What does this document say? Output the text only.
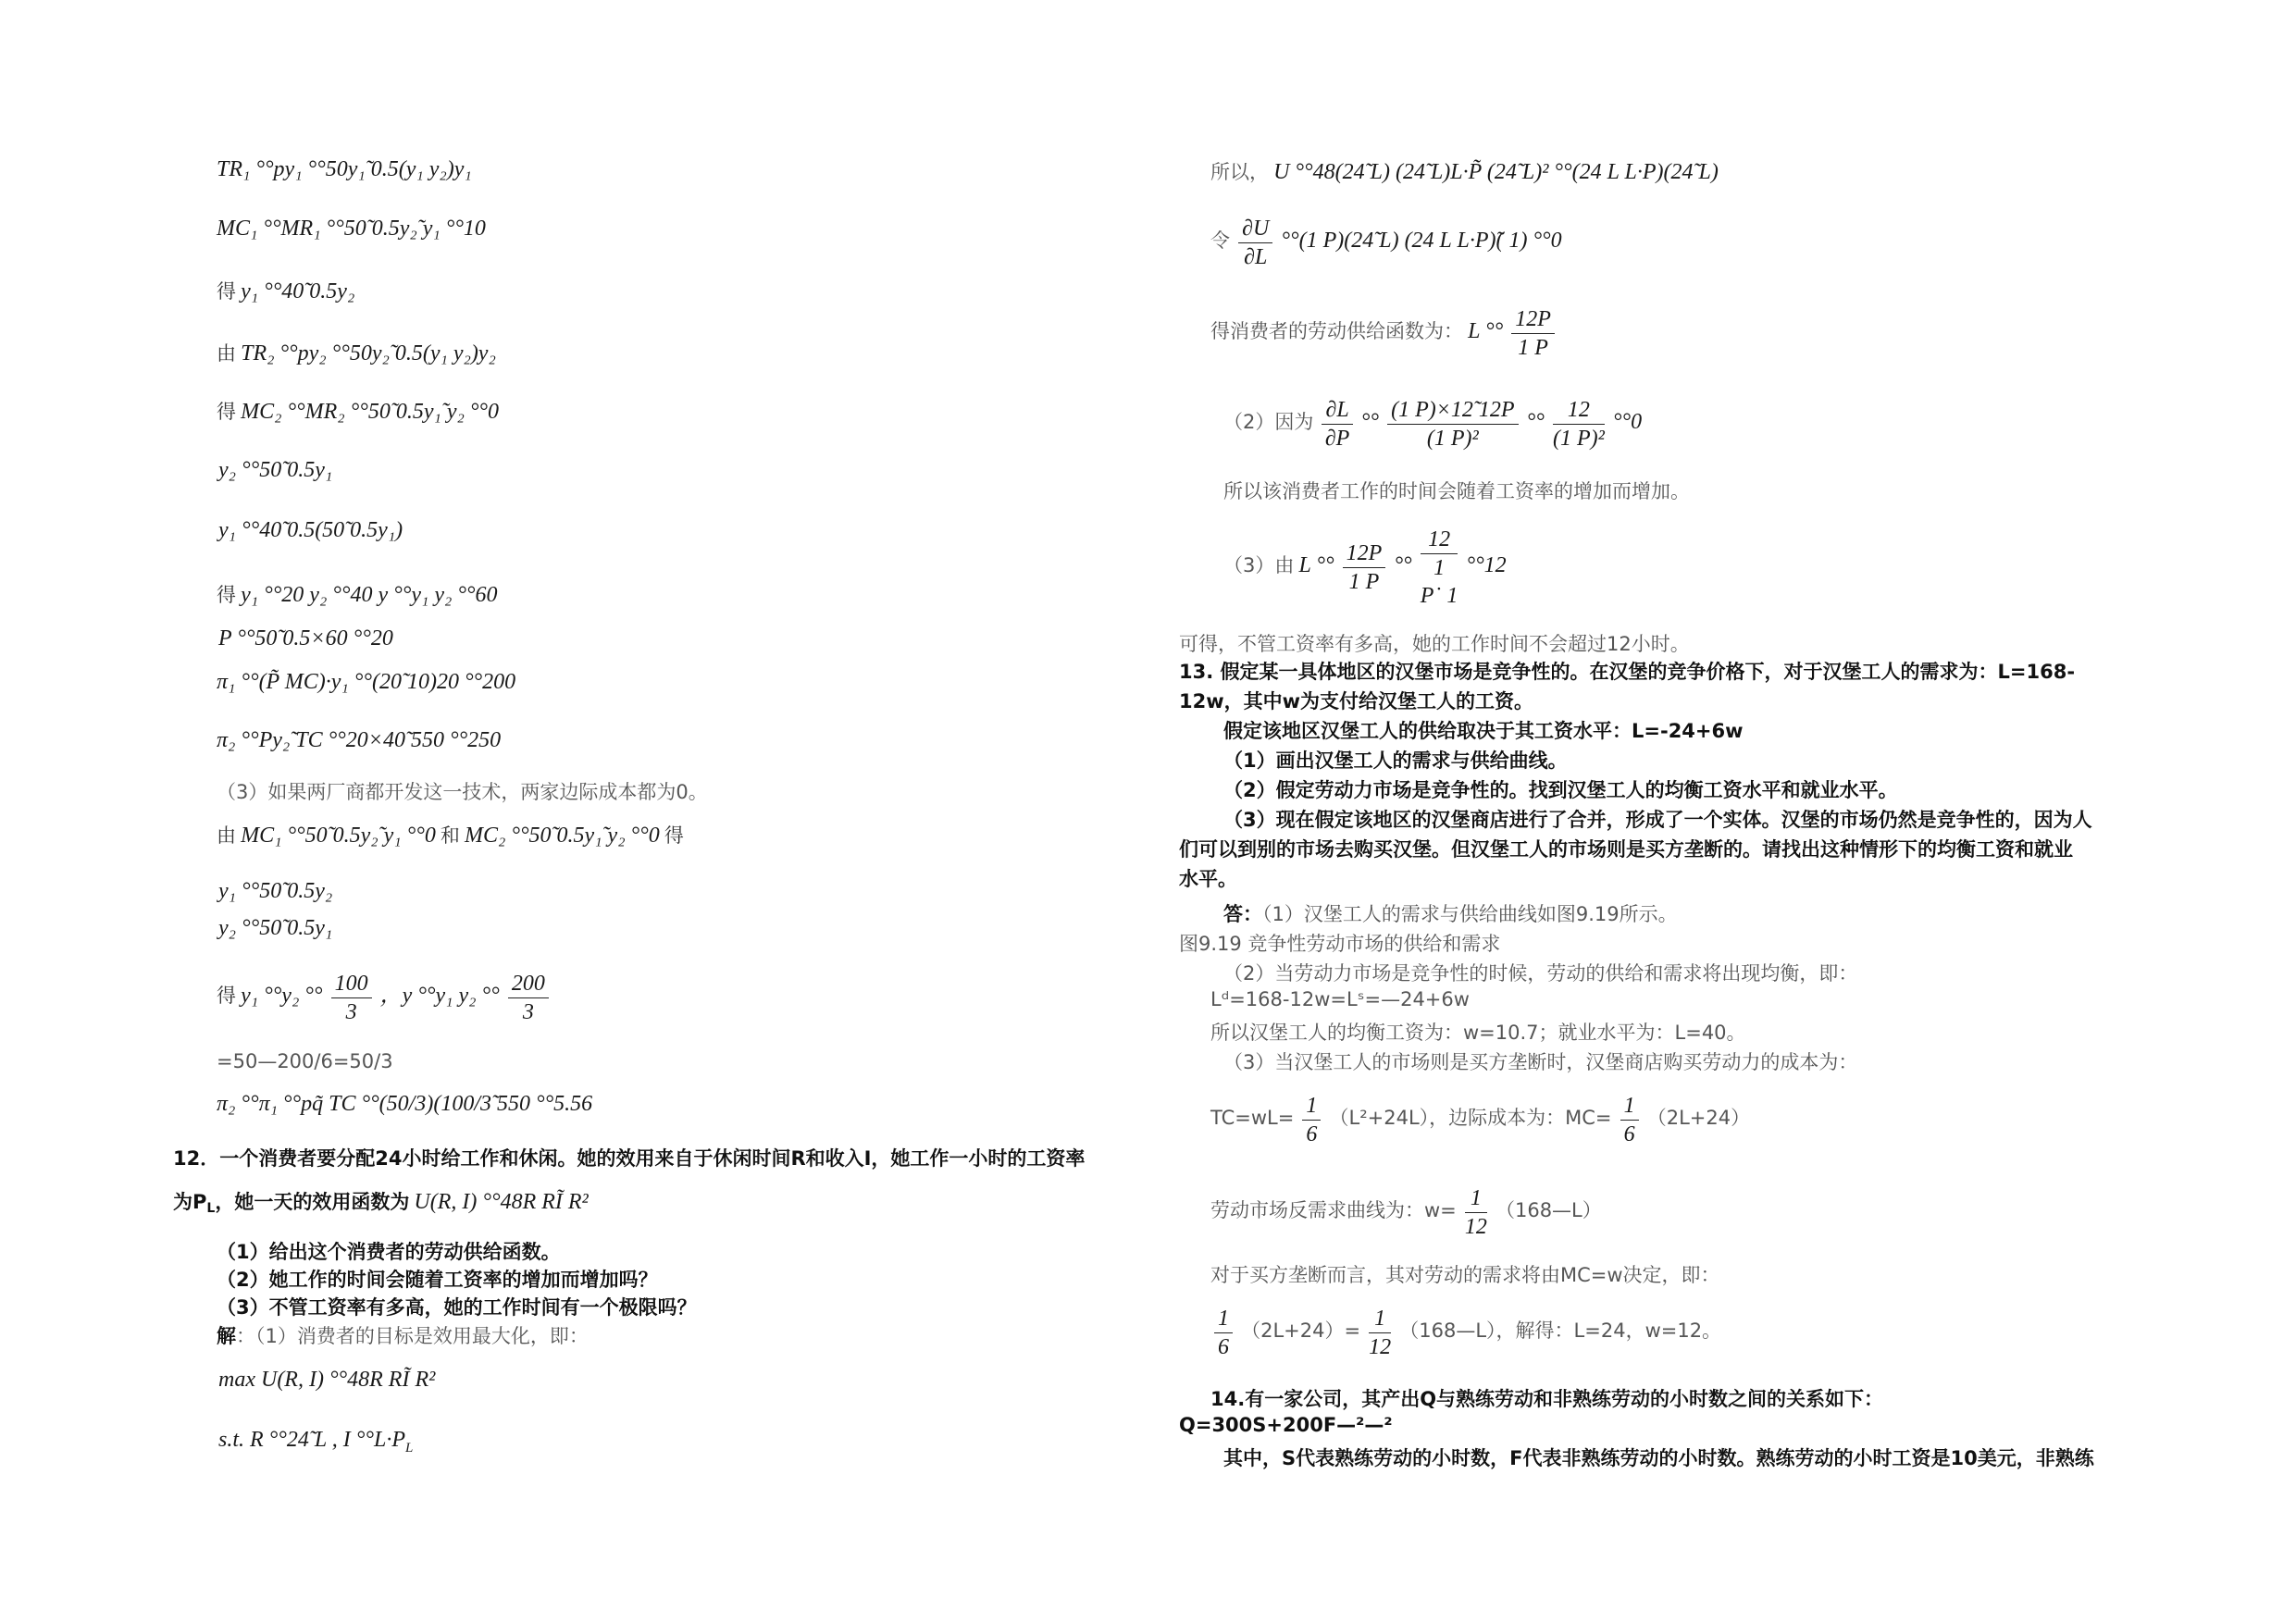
TR₁ °°py₁ °°50y₁̃ 0.5(y₁ y₂)y₁
MC₁ °°MR₁ °°50̃ 0.5y₂̃ y₁ °°10
得 y₁ °°40̃ 0.5y₂
由 TR₂ °°py₂ °°50y₂̃ 0.5(y₁ y₂)y₂
得 MC₂ °°MR₂ °°50̃ 0.5y₁̃ y₂ °°0
y₂ °°50̃ 0.5y₁
y₁ °°40̃ 0.5(50̃ 0.5y₁)
得 y₁ °°20 y₂ °°40 y °°y₁ y₂ °°60
P °°50̃ 0.5×60 °°20
π₁ °°(P̃ MC)·y₁ °°(20̃ 10)20 °°200
π₂ °°Py₂̃ TC °°20×40̃ 550 °°250
（3）如果两厂商都开发这一技术，两家边际成本都为0。
由 MC₁ °°50̃ 0.5y₂̃ y₁ °°0 和 MC₂ °°50̃ 0.5y₁̃ y₂ °°0 得
y₁ °°50̃ 0.5y₂
y₂ °°50̃ 0.5y₁
得 y₁ °°y₂ °° $\frac{100}{3}$ ，y °°y₁ y₂ °° $\frac{200}{3}$
=50—200/6=50/3
π₂ °°π₁ °°pq̃ TC °°(50/3)(100/3̃ 550 °°5.56
12．一个消费者要分配24小时给工作和休闲。她的效用来自于休闲时间R和收入I，她工作一小时的工资率
为$P_L$，她一天的效用函数为 U(R, I) °°48R RĨ R²
（1）给出这个消费者的劳动供给函数。
（2）她工作的时间会随着工资率的增加而增加吗？
（3）不管工资率有多高，她的工作时间有一个极限吗？
解：（1）消费者的目标是效用最大化，即：
max U(R, I) °°48R RĨ R²
s.t. R °°24̃ L , I $^\circ^\circ L\cdot P_L$
所以， U °°48(24̃ L) (24̃ L)L·P̃ (24̃ L)² °°(24 L L·P)(24̃ L)
令 $\frac{\partial U}{\partial L} ^\circ^\circ(1$ P)(24̃ L) (24 L L·P)̃( 1) °°0
得消费者的劳动供给函数为： L °° $\frac{12P}{1 P}$
（2）因为 $\frac{\partial L}{\partial P}$ °° $\frac{(1 P)\times 12̃ 12P}{\text{(1 P)²}}$ °° $\frac{12}{\text{(1 P)²}} ^\circ^\circ 0$
所以该消费者工作的时间会随着工资率的增加而增加。
（3）由 L °° $\frac{12P}{1 P}$ °°
12
1
P˙ 1
°°12
可得，不管工资率有多高，她的工作时间不会超过12小时。
13. 假定某一具体地区的汉堡市场是竞争性的。在汉堡的竞争价格下，对于汉堡工人的需求为：L=168-
12w，其中w为支付给汉堡工人的工资。
假定该地区汉堡工人的供给取决于其工资水平：L=-24+6w
（1）画出汉堡工人的需求与供给曲线。
（2）假定劳动力市场是竞争性的。找到汉堡工人的均衡工资水平和就业水平。
（3）现在假定该地区的汉堡商店进行了合并，形成了一个实体。汉堡的市场仍然是竞争性的，因为人
们可以到别的市场去购买汉堡。但汉堡工人的市场则是买方垄断的。请找出这种情形下的均衡工资和就业
水平。
答：（1）汉堡工人的需求与供给曲线如图9.19所示。
图9.19 竞争性劳动市场的供给和需求
（2）当劳动力市场是竞争性的时候，劳动的供给和需求将出现均衡，即：
Lᵈ=168-12w=Lˢ=—24+6w
所以汉堡工人的均衡工资为：w=10.7；就业水平为：L=40。
（3）当汉堡工人的市场则是买方垄断时，汉堡商店购买劳动力的成本为：
$TC=wL= \frac{1}{6} (L^2+24L)$，边际成本为：$MC= \frac{1}{6} (2L+24)$
劳动市场反需求曲线为：$w= \frac{1}{12}$ （168—L）
对于买方垄断而言，其对劳动的需求将由MC=w决定，即：
$\frac{1}{6} (2L+24)= \frac{1}{12}$ （168—L），解得：L=24，w=12。
14.有一家公司，其产出Q与熟练劳动和非熟练劳动的小时数之间的关系如下：
Q=300S+200F—²—²
其中，S代表熟练劳动的小时数，F代表非熟练劳动的小时数。熟练劳动的小时工资是10美元，非熟练
